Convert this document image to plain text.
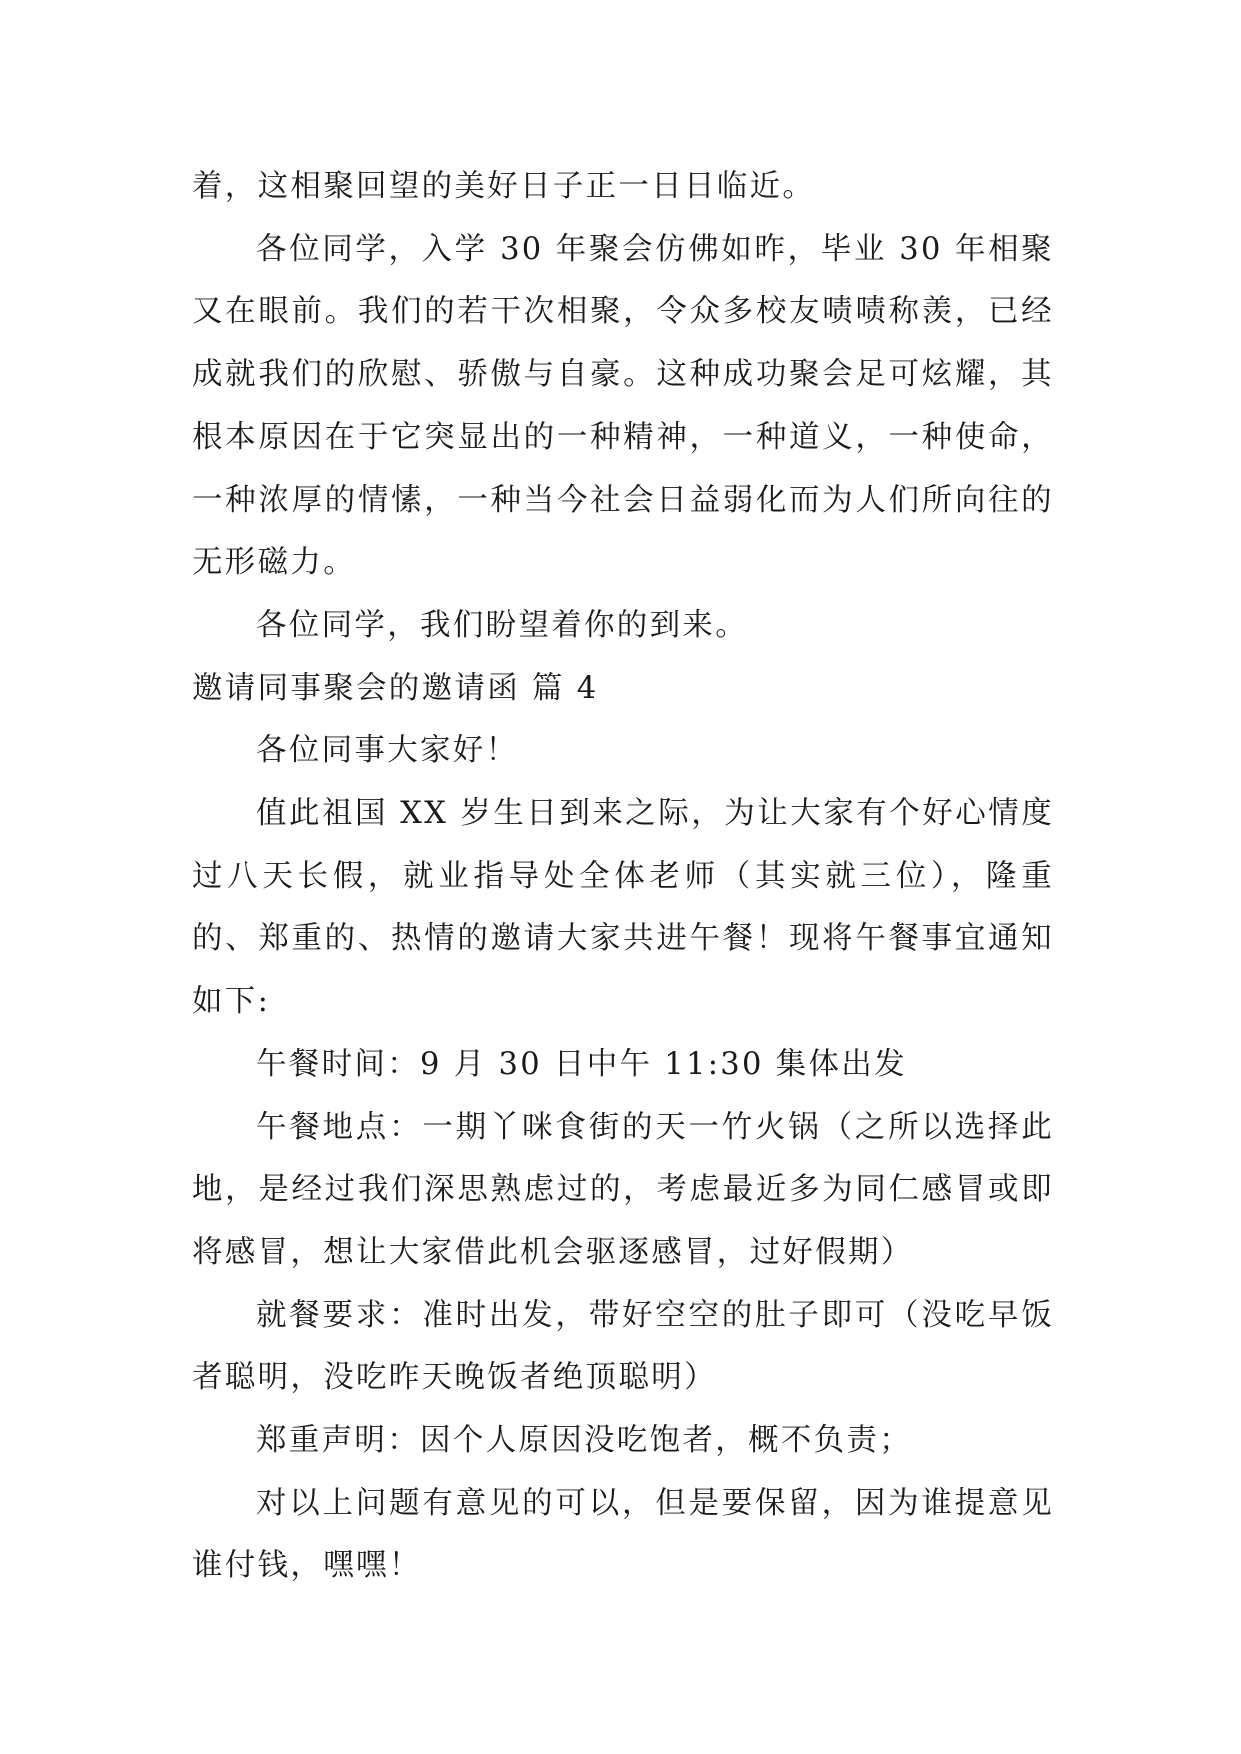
着，这相聚回望的美好日子正一日日临近。

各位同学，入学 30 年聚会仿佛如昨，毕业 30 年相聚又在眼前。我们的若干次相聚，令众多校友啧啧称羡，已经成就我们的欣慰、骄傲与自豪。这种成功聚会足可炫耀，其根本原因在于它突显出的一种精神，一种道义，一种使命，一种浓厚的情愫，一种当今社会日益弱化而为人们所向往的无形磁力。

各位同学，我们盼望着你的到来。

邀请同事聚会的邀请函 篇 4

各位同事大家好！

值此祖国 XX 岁生日到来之际，为让大家有个好心情度过八天长假，就业指导处全体老师（其实就三位），隆重的、郑重的、热情的邀请大家共进午餐！现将午餐事宜通知如下:

午餐时间：9 月 30 日中午 11:30 集体出发

午餐地点：一期丫咪食街的天一竹火锅（之所以选择此地，是经过我们深思熟虑过的，考虑最近多为同仁感冒或即将感冒，想让大家借此机会驱逐感冒，过好假期）

就餐要求：准时出发，带好空空的肚子即可（没吃早饭者聪明，没吃昨天晚饭者绝顶聪明）

郑重声明：因个人原因没吃饱者，概不负责；

对以上问题有意见的可以，但是要保留，因为谁提意见谁付钱，嘿嘿！
